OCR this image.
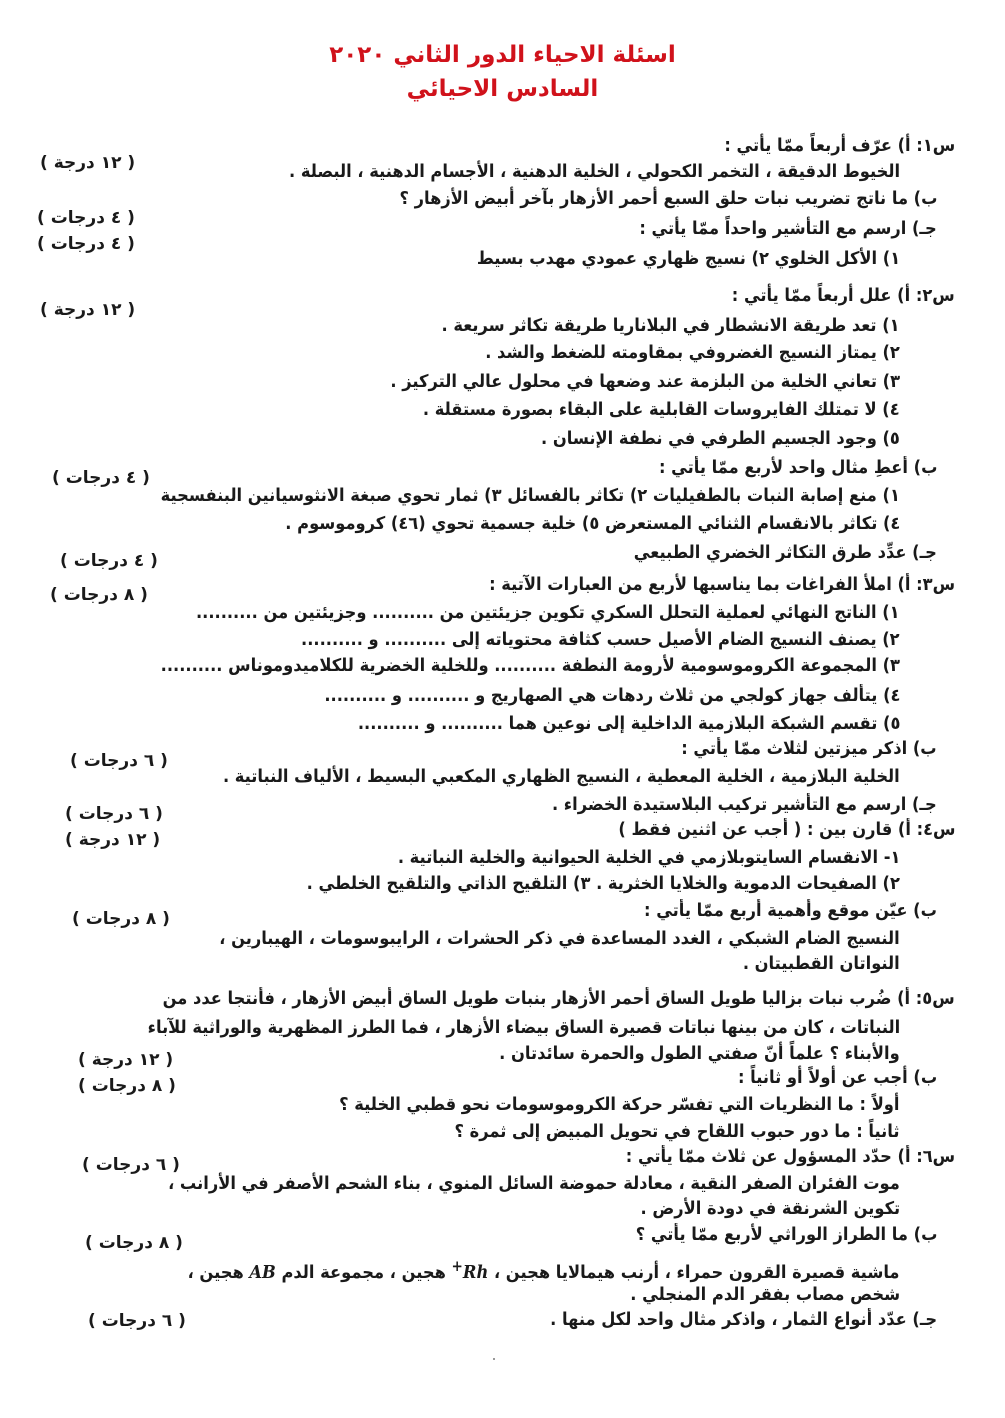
اسئلة الاحياء الدور الثاني ٢٠٢٠
السادس الاحيائي
س١: أ) عرّف أربعاً ممّا يأتي :
الخيوط الدقيقة ، التخمر الكحولي ، الخلية الدهنية ، الأجسام الدهنية ، البصلة .
ب) ما ناتج تضريب نبات حلق السبع أحمر الأزهار بآخر أبيض الأزهار ؟
جـ) ارسم مع التأشير واحداً ممّا يأتي :
١) الأكل الخلوي ٢) نسيج ظهاري عمودي مهدب بسيط
س٢: أ) علل أربعاً ممّا يأتي :
١) تعد طريقة الانشطار في البلاناريا طريقة تكاثر سريعة .
٢) يمتاز النسيج الغضروفي بمقاومته للضغط والشد .
٣) تعاني الخلية من البلزمة عند وضعها في محلول عالي التركيز .
٤) لا تمتلك الفايروسات القابلية على البقاء بصورة مستقلة .
٥) وجود الجسيم الطرفي في نطفة الإنسان .
ب) أعطِ مثال واحد لأربع ممّا يأتي :
١) منع إصابة النبات بالطفيليات ٢) تكاثر بالفسائل ٣) ثمار تحوي صبغة الانثوسيانين البنفسجية
٤) تكاثر بالانقسام الثنائي المستعرض ٥) خلية جسمية تحوي (٤٦) كروموسوم .
جـ) عدِّد طرق التكاثر الخضري الطبيعي
س٣: أ) املأ الفراغات بما يناسبها لأربع من العبارات الآتية :
١) الناتج النهائي لعملية التحلل السكري تكوين جزيئتين من .......... وجزيئتين من ..........
٢) يصنف النسيج الضام الأصيل حسب كثافة محتوياته إلى .......... و ..........
٣) المجموعة الكروموسومية لأرومة النطفة .......... وللخلية الخضرية للكلاميدوموناس ..........
٤) يتألف جهاز كولجي من ثلاث ردهات هي الصهاريج و .......... و ..........
٥) تقسم الشبكة البلازمية الداخلية إلى نوعين هما .......... و ..........
ب) اذكر ميزتين لثلاث ممّا يأتي :
الخلية البلازمية ، الخلية المعطية ، النسيج الظهاري المكعبي البسيط ، الألياف النباتية .
جـ) ارسم مع التأشير تركيب البلاستيدة الخضراء .
س٤: أ) قارن بين : ( أجب عن اثنين فقط )
١- الانقسام السايتوبلازمي في الخلية الحيوانية والخلية النباتية .
٢) الصفيحات الدموية والخلايا الخثرية . ٣) التلقيح الذاتي والتلقيح الخلطي .
ب) عيّن موقع وأهمية أربع ممّا يأتي :
النسيج الضام الشبكي ، الغدد المساعدة في ذكر الحشرات ، الرايبوسومات ، الهيبارين ،
النواتان القطبيتان .
س٥: أ) ضُرب نبات بزاليا طويل الساق أحمر الأزهار بنبات طويل الساق أبيض الأزهار ، فأنتجا عدد من
النباتات ، كان من بينها نباتات قصيرة الساق بيضاء الأزهار ، فما الطرز المظهرية والوراثية للآباء
والأبناء ؟ علماً أنّ صفتي الطول والحمرة سائدتان .
ب) أجب عن أولاً أو ثانياً :
أولاً : ما النظريات التي تفسّر حركة الكروموسومات نحو قطبي الخلية ؟
ثانياً : ما دور حبوب اللقاح في تحويل المبيض إلى ثمرة ؟
س٦: أ) حدّد المسؤول عن ثلاث ممّا يأتي :
موت الفئران الصفر النقية ، معادلة حموضة السائل المنوي ، بناء الشحم الأصفر في الأرانب ،
تكوين الشرنقة في دودة الأرض .
ب) ما الطراز الوراثي لأربع ممّا يأتي ؟
شخص مصاب بفقر الدم المنجلي .
جـ) عدّد أنواع الثمار ، واذكر مثال واحد لكل منها .
ماشية قصيرة القرون حمراء ، أرنب هيمالايا هجين ، Rh+ هجين ، مجموعة الدم AB هجين ،
( ١٢ درجة )
( ٤ درجات )
( ٤ درجات )
( ١٢ درجة )
( ٤ درجات )
( ٤ درجات )
( ٨ درجات )
( ٦ درجات )
( ٦ درجات )
( ١٢ درجة )
( ٨ درجات )
( ١٢ درجة )
( ٨ درجات )
( ٦ درجات )
( ٨ درجات )
( ٦ درجات )
